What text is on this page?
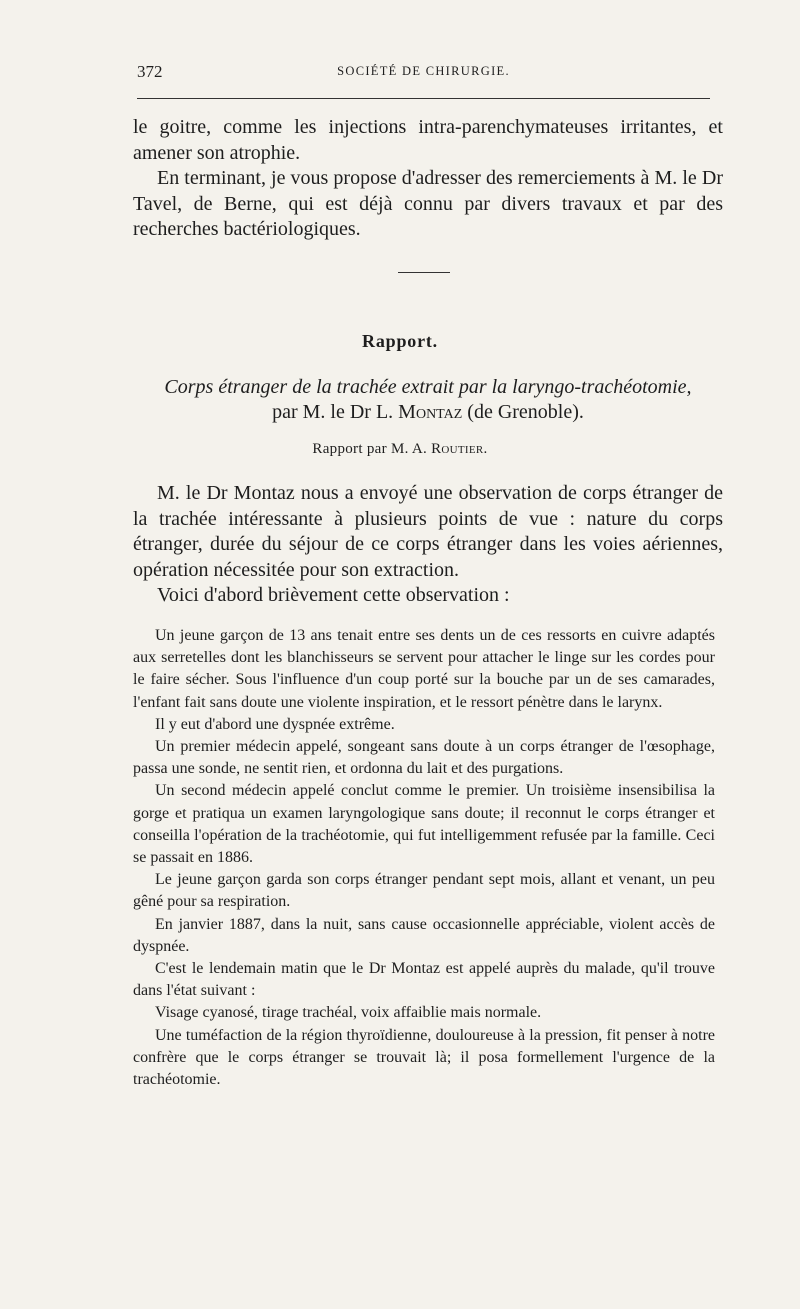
372	SOCIÉTÉ DE CHIRURGIE.

le goitre, comme les injections intra-parenchymateuses irritantes, et amener son atrophie.

En terminant, je vous propose d'adresser des remerciements à M. le Dr Tavel, de Berne, qui est déjà connu par divers travaux et par des recherches bactériologiques.

Rapport.
Corps étranger de la trachée extrait par la laryngo-trachéotomie,
par M. le Dr L. Montaz (de Grenoble).
Rapport par M. A. Routier.

M. le Dr Montaz nous a envoyé une observation de corps étranger de la trachée intéressante à plusieurs points de vue : nature du corps étranger, durée du séjour de ce corps étranger dans les voies aériennes, opération nécessitée pour son extraction.

Voici d'abord brièvement cette observation :

Un jeune garçon de 13 ans tenait entre ses dents un de ces ressorts en cuivre adaptés aux serretelles dont les blanchisseurs se servent pour attacher le linge sur les cordes pour le faire sécher. Sous l'influence d'un coup porté sur la bouche par un de ses camarades, l'enfant fait sans doute une violente inspiration, et le ressort pénètre dans le larynx.

Il y eut d'abord une dyspnée extrême.

Un premier médecin appelé, songeant sans doute à un corps étranger de l'œsophage, passa une sonde, ne sentit rien, et ordonna du lait et des purgations.

Un second médecin appelé conclut comme le premier. Un troisième insensibilisa la gorge et pratiqua un examen laryngologique sans doute; il reconnut le corps étranger et conseilla l'opération de la trachéotomie, qui fut intelligemment refusée par la famille. Ceci se passait en 1886.

Le jeune garçon garda son corps étranger pendant sept mois, allant et venant, un peu gêné pour sa respiration.

En janvier 1887, dans la nuit, sans cause occasionnelle appréciable, violent accès de dyspnée.

C'est le lendemain matin que le Dr Montaz est appelé auprès du malade, qu'il trouve dans l'état suivant :

Visage cyanosé, tirage trachéal, voix affaiblie mais normale.

Une tuméfaction de la région thyroïdienne, douloureuse à la pression, fit penser à notre confrère que le corps étranger se trouvait là; il posa formellement l'urgence de la trachéotomie.
